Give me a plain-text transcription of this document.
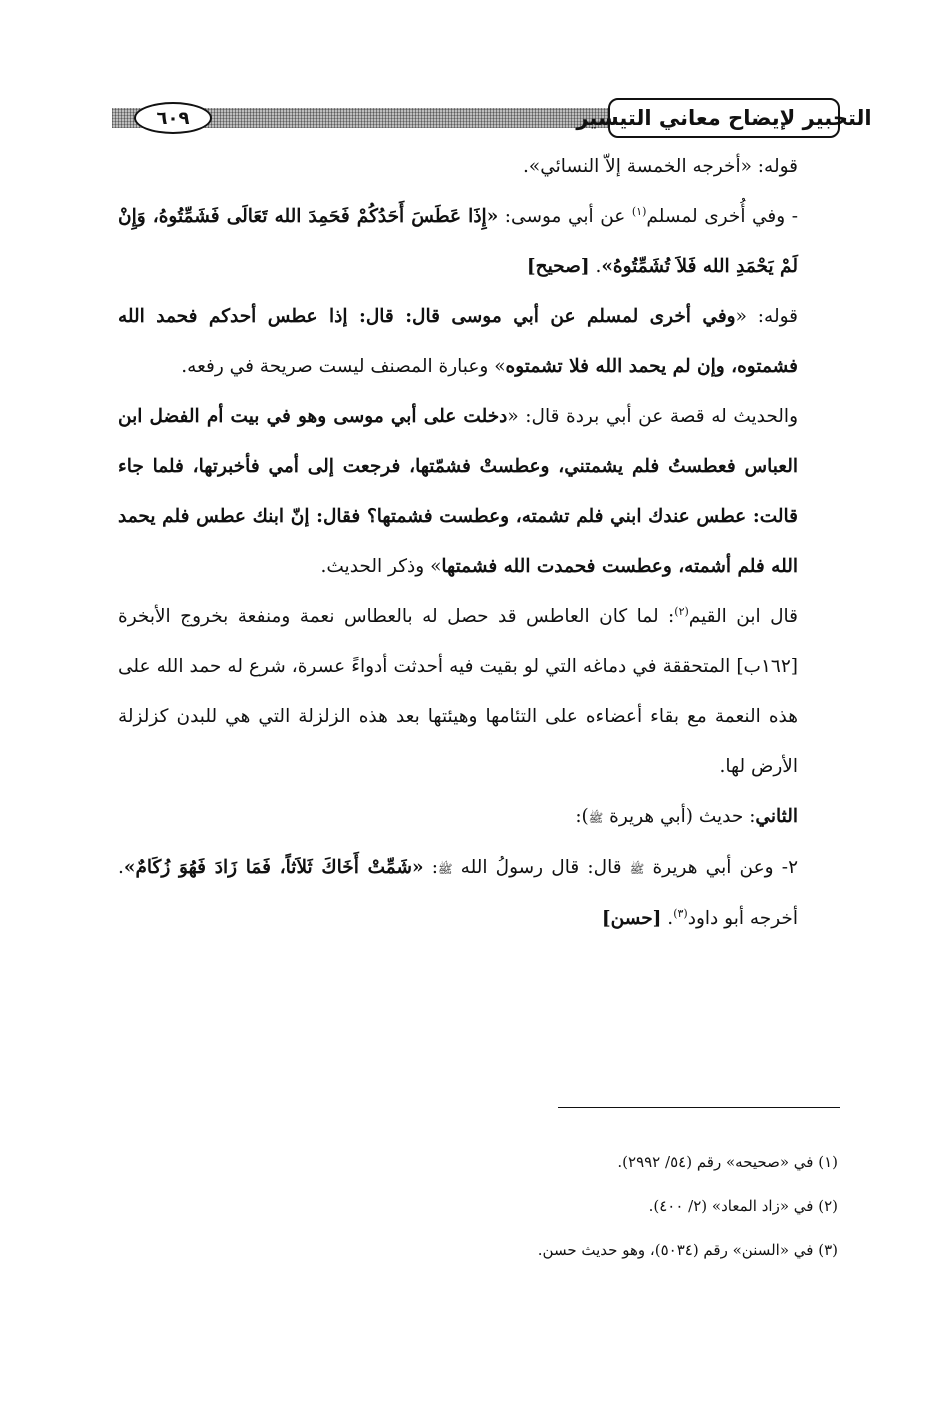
٦٠٩	التحبير لإيضاح معاني التيسير

قوله: «أخرجه الخمسة إلاّ النسائي».

- وفي أُخرى لمسلم$^{(١)}$ عن أبي موسى: «إِذَا عَطَسَ أَحَدُكُمْ فَحَمِدَ الله تَعَالَى فَشَمِّتُوهُ، وَإِنْ لَمْ يَحْمَدِ الله فَلاَ تُشَمِّتُوهُ». [صحيح]

قوله: «وفي أخرى لمسلم عن أبي موسى قال: قال: إذا عطس أحدكم فحمد الله فشمتوه، وإن لم يحمد الله فلا تشمتوه» وعبارة المصنف ليست صريحة في رفعه.

والحديث له قصة عن أبي بردة قال: «دخلت على أبي موسى وهو في بيت أم الفضل ابن العباس فعطستُ فلم يشمتني، وعطستْ فشمّتها، فرجعت إلى أمي فأخبرتها، فلما جاء قالت: عطس عندك ابني فلم تشمته، وعطست فشمتها؟ فقال: إنّ ابنك عطس فلم يحمد الله فلم أشمته، وعطست فحمدت الله فشمتها» وذكر الحديث.

قال ابن القيم$^{(٢)}$: لما كان العاطس قد حصل له بالعطاس نعمة ومنفعة بخروج الأبخرة [١٦٢ب] المتحققة في دماغه التي لو بقيت فيه أحدثت أدواءً عسرة، شرع له حمد الله على هذه النعمة مع بقاء أعضاءه على التئامها وهيئتها بعد هذه الزلزلة التي هي للبدن كزلزلة الأرض لها.

الثاني: حديث (أبي هريرة ﷺ):

٢- وعن أبي هريرة ﷺ قال: قال رسولُ الله ﷺ: «شَمِّتْ أَخَاكَ ثَلاَثاً، فَمَا زَادَ فَهُوَ زُكَامٌ». أخرجه أبو داود$^{(٣)}$. [حسن]

(١) في «صحيحه» رقم (٥٤/ ٢٩٩٢).

(٢) في «زاد المعاد» (٢/ ٤٠٠).

(٣) في «السنن» رقم (٥٠٣٤)، وهو حديث حسن.
